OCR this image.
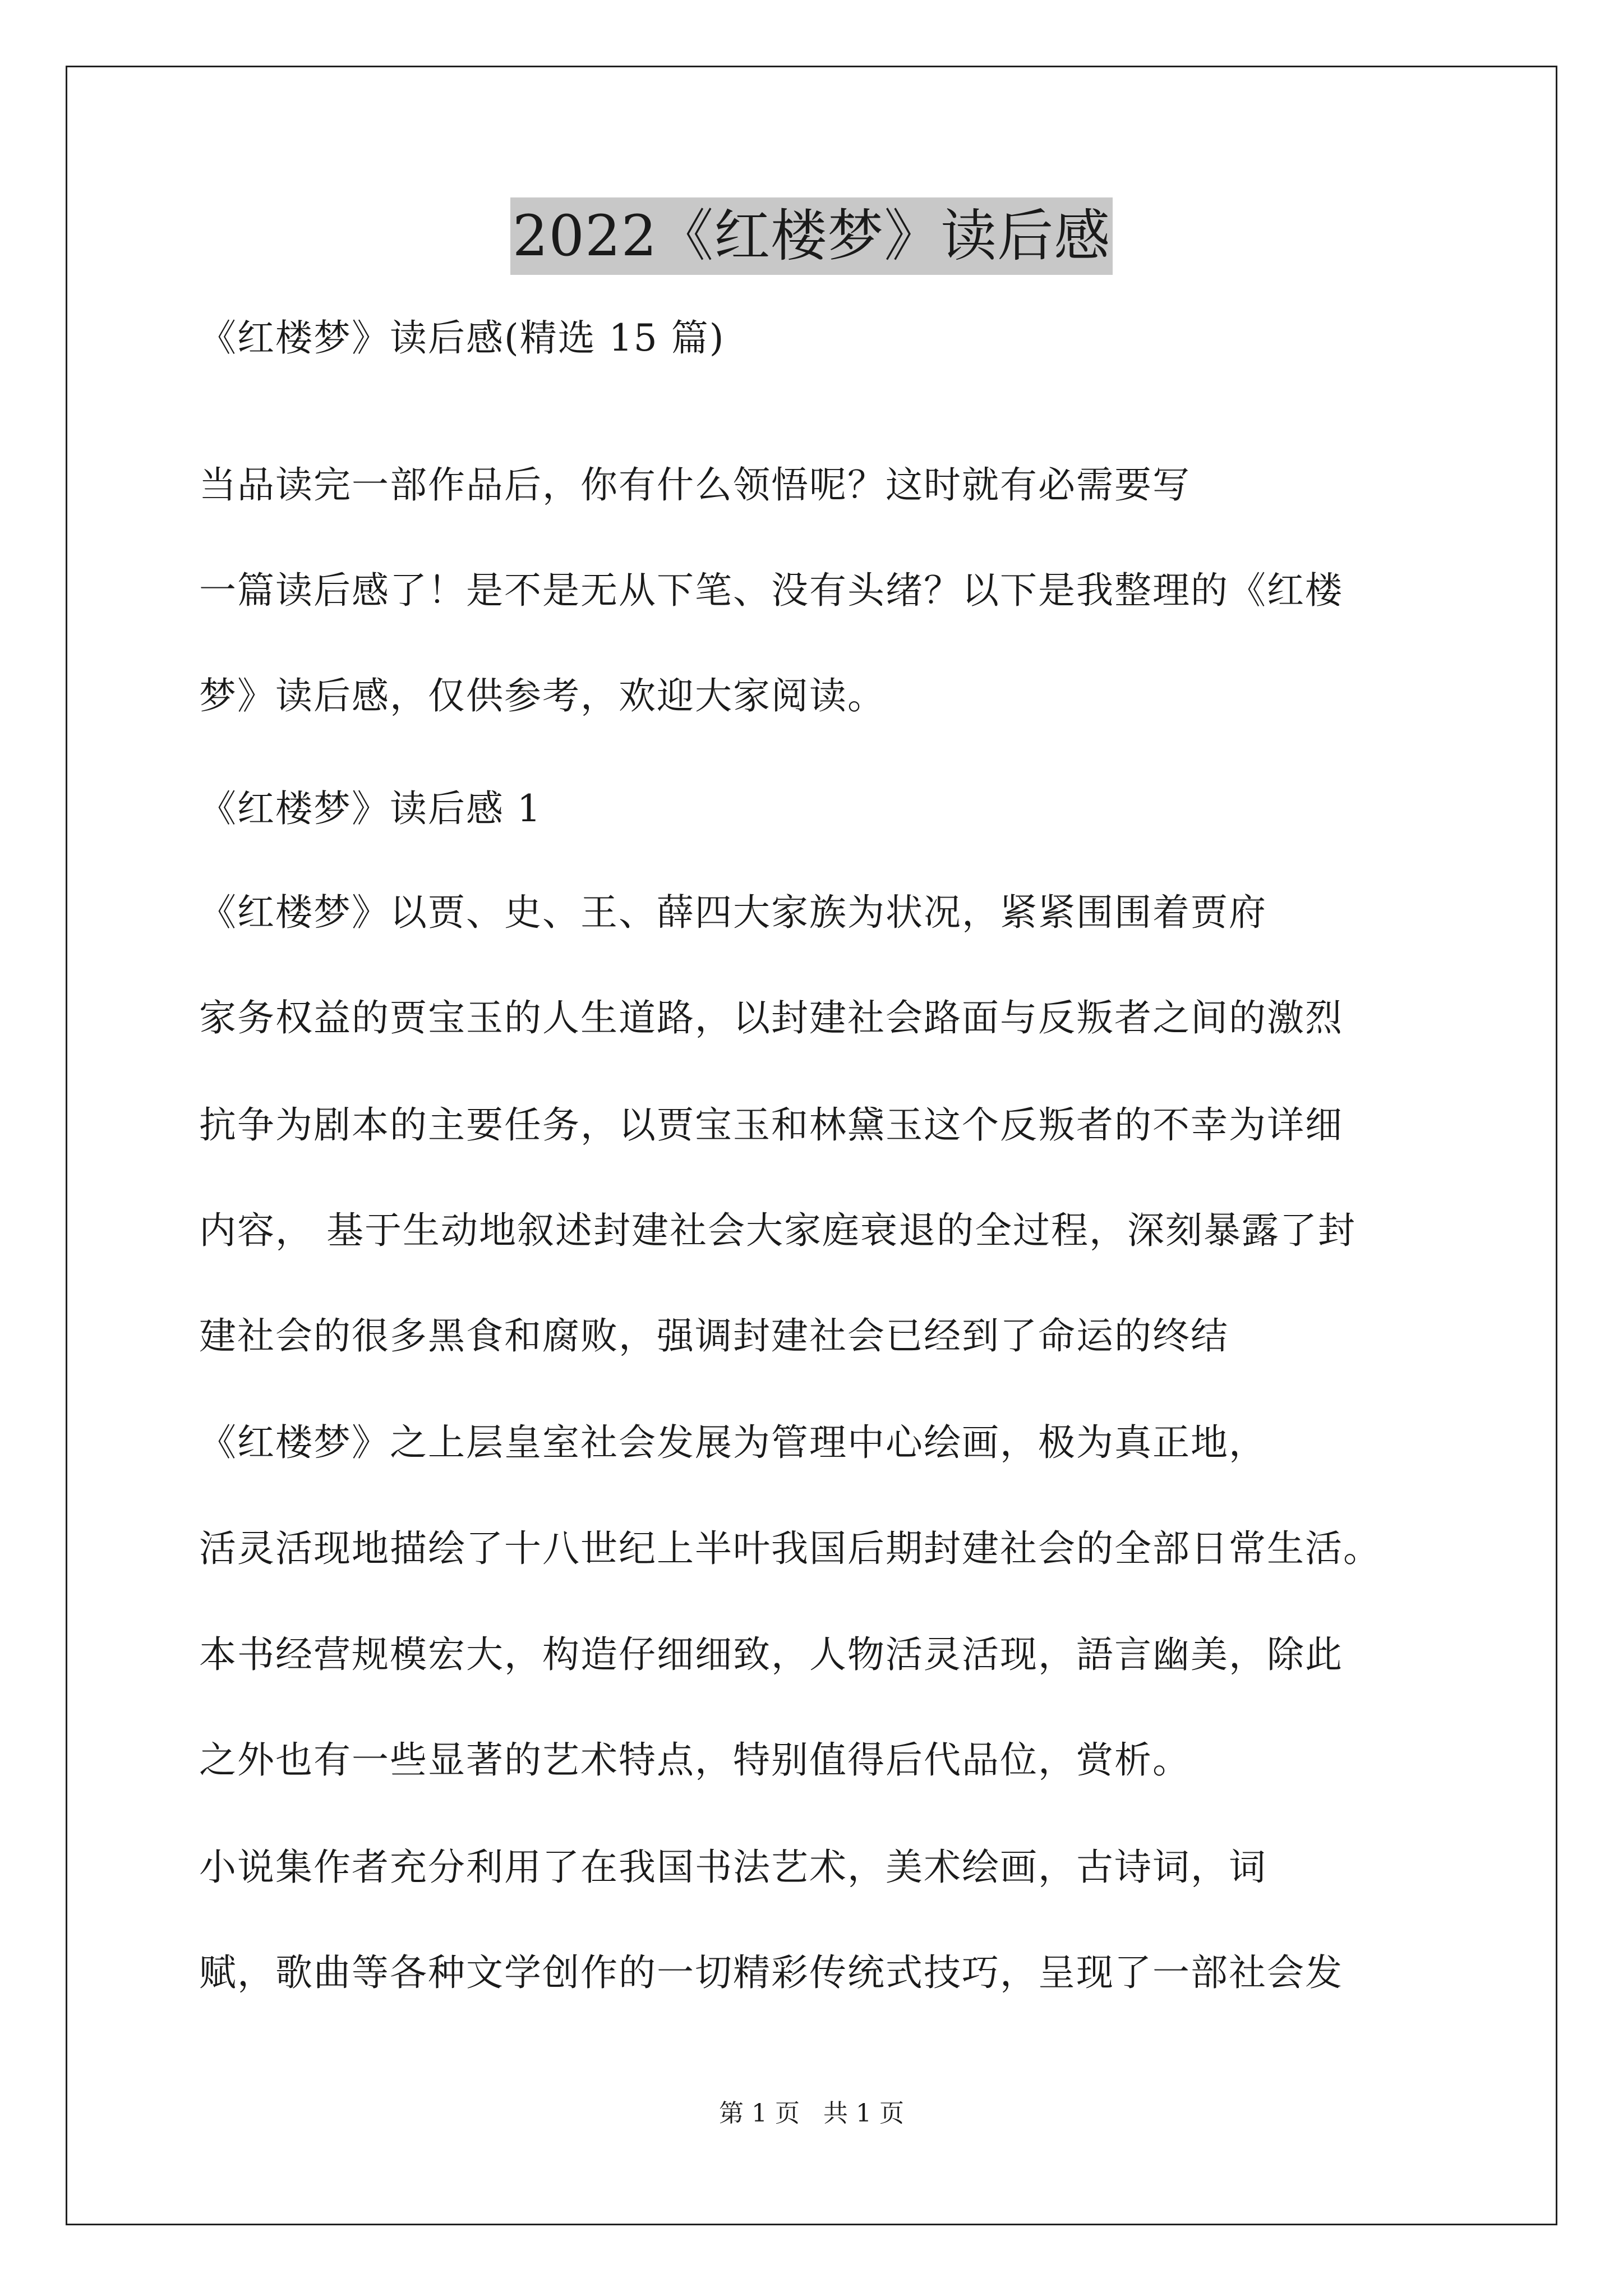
2022《红楼梦》读后感
《红楼梦》读后感(精选 15 篇)
当品读完一部作品后，你有什么领悟呢？这时就有必需要写
一篇读后感了！是不是无从下笔、没有头绪？以下是我整理的《红楼
梦》读后感，仅供参考，欢迎大家阅读。
《红楼梦》读后感 1
《红楼梦》以贾、史、王、薛四大家族为状况，紧紧围围着贾府
家务权益的贾宝玉的人生道路，以封建社会路面与反叛者之间的激烈
抗争为剧本的主要任务，以贾宝玉和林黛玉这个反叛者的不幸为详细
内容， 基于生动地叙述封建社会大家庭衰退的全过程，深刻暴露了封
建社会的很多黑食和腐败，强调封建社会已经到了命运的终结
《红楼梦》之上层皇室社会发展为管理中心绘画，极为真正地，
活灵活现地描绘了十八世纪上半叶我国后期封建社会的全部日常生活。
本书经营规模宏大，构造仔细细致，人物活灵活现，語言幽美，除此
之外也有一些显著的艺术特点，特别值得后代品位，赏析。
小说集作者充分利用了在我国书法艺术，美术绘画，古诗词，词
赋，歌曲等各种文学创作的一切精彩传统式技巧，呈现了一部社会发
第 1 页   共 1 页
